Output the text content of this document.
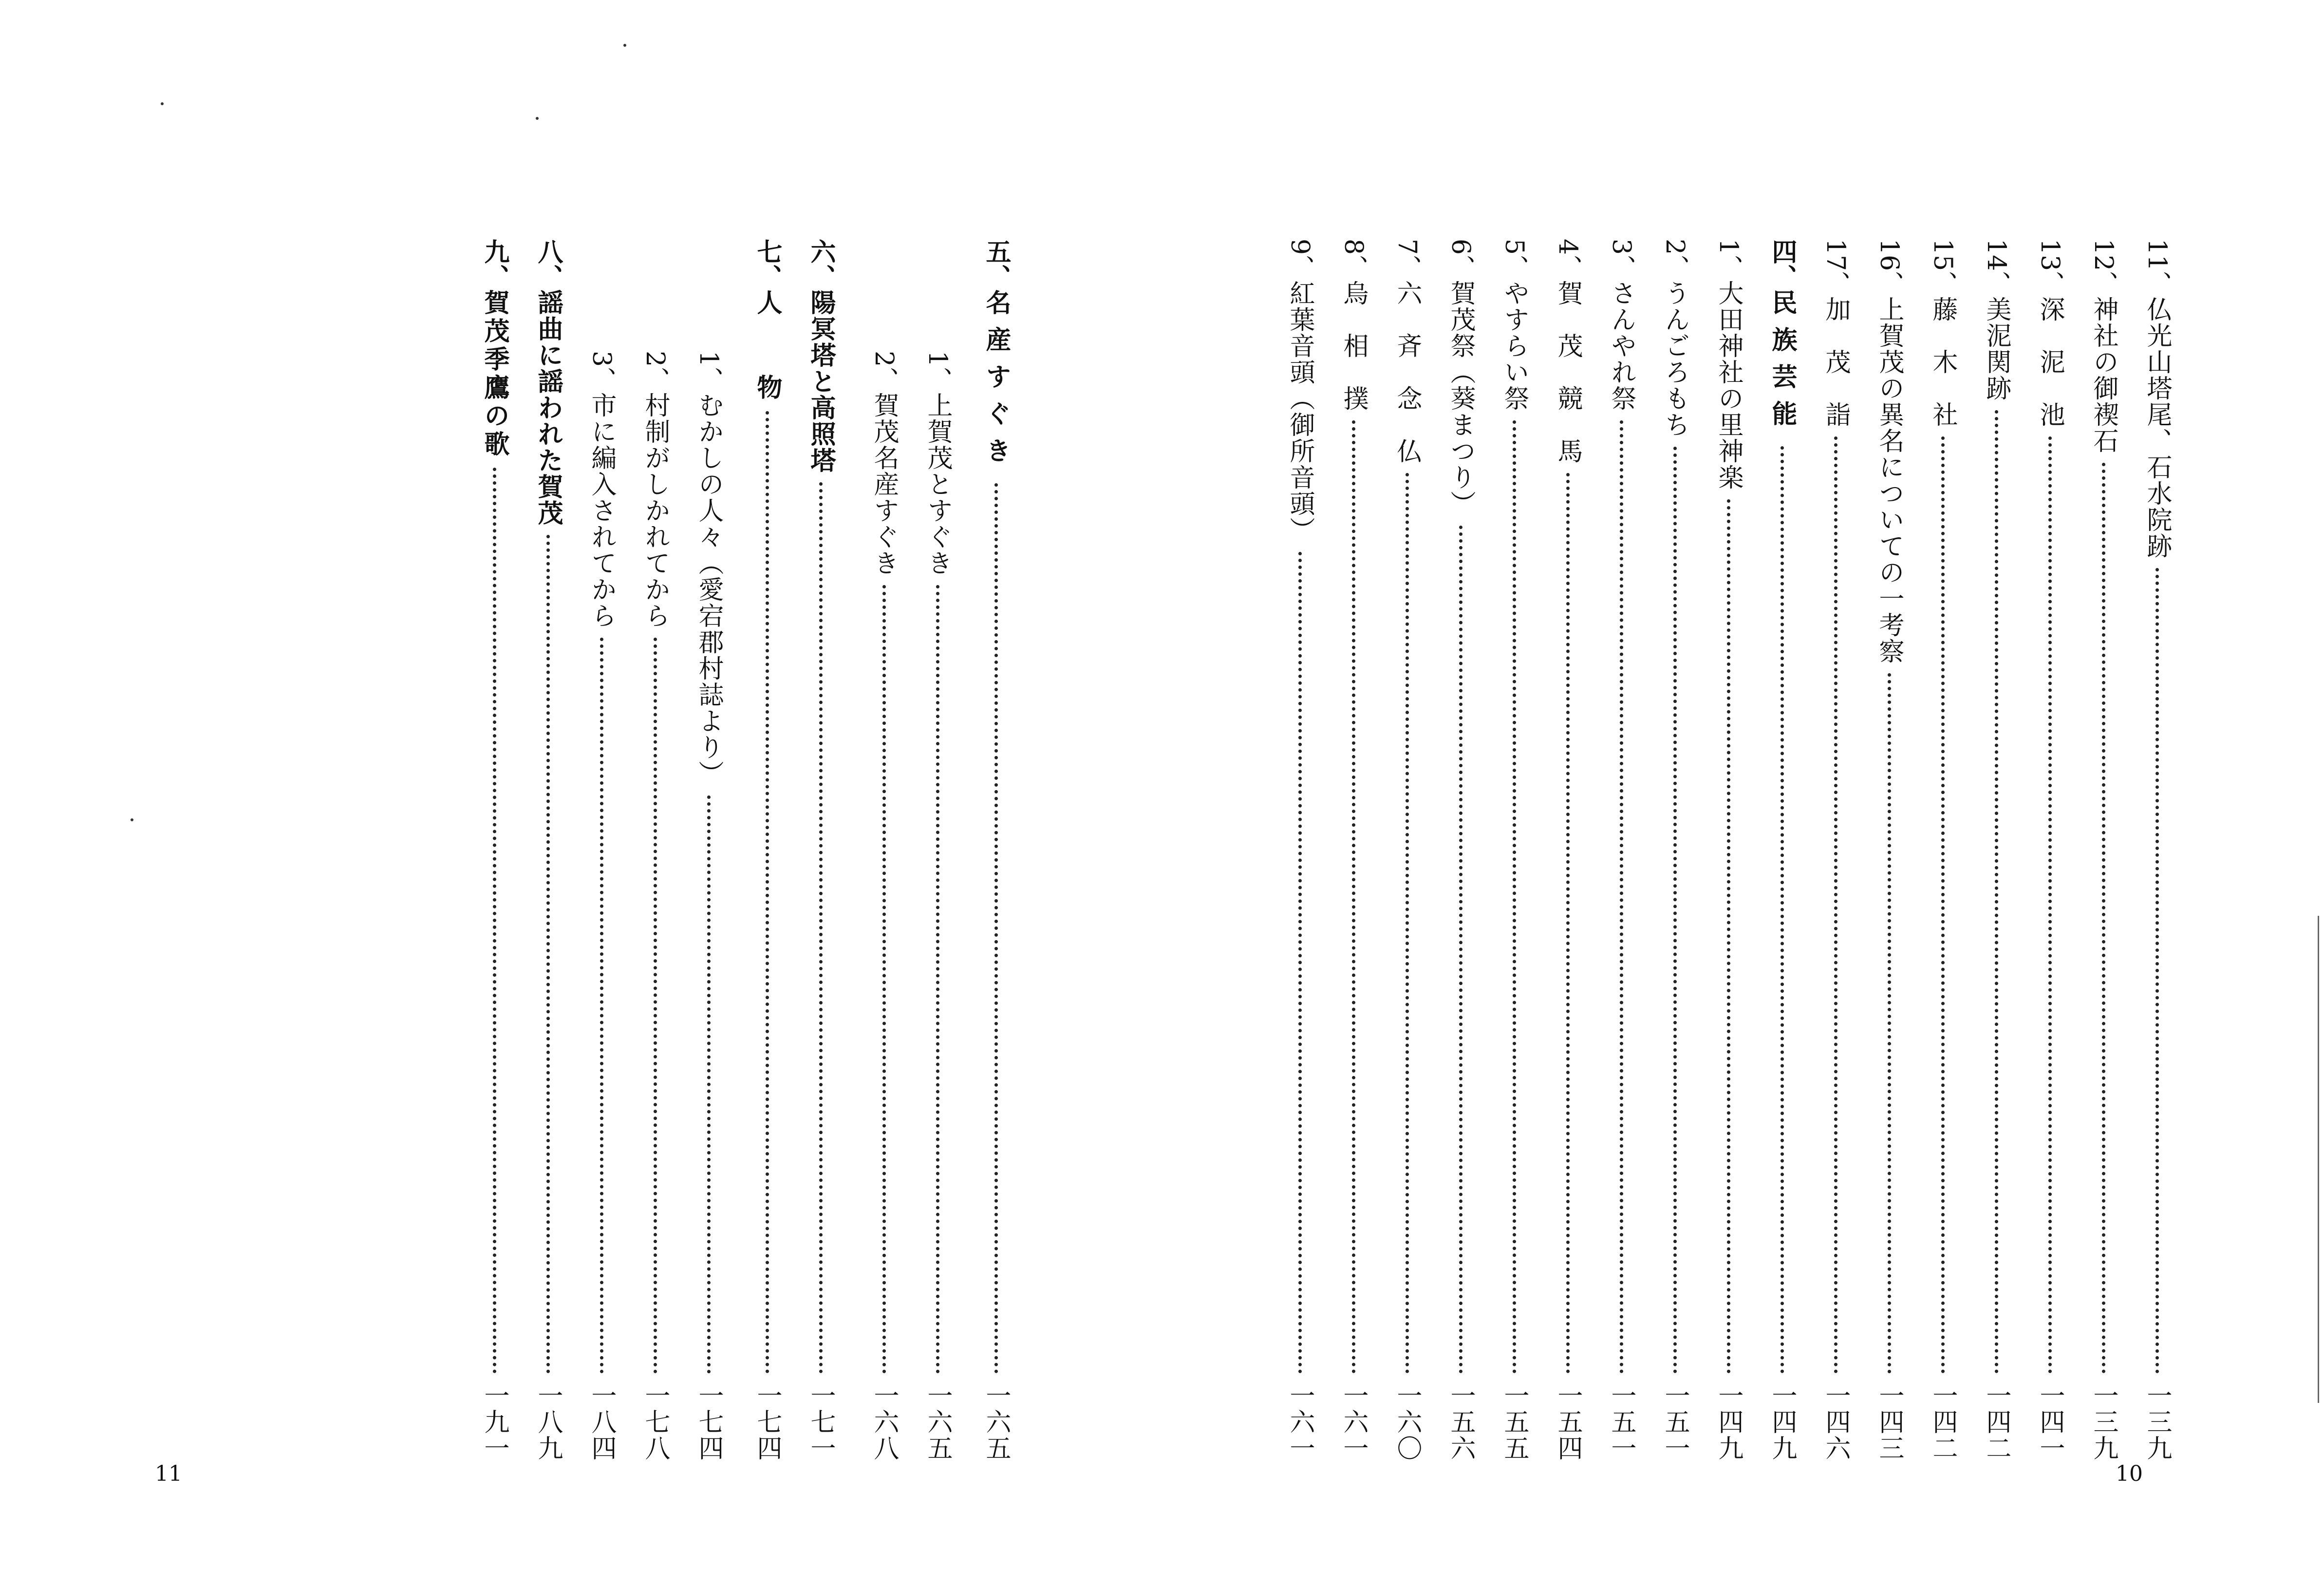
11、
仏光山塔尾、石水院跡
一三九
12、
神社の御禊石
一三九
13、
深　泥　池
一四一
14、
美泥関跡
一四二
15、
藤　木　社
一四二
16、
上賀茂の異名についての一考察
一四三
17、
加　茂　詣
一四六
四、
民族芸能
一四九
1、
大田神社の里神楽
一四九
2、
うんごろもち
一五一
3、
さんやれ祭
一五一
4、
賀　茂　競　馬
一五四
5、
やすらい祭
一五五
6、
賀茂祭（葵まつり）
一五六
7、
六　斉　念　仏
一六〇
8、
烏　相　撲
一六一
9、
紅葉音頭（御所音頭）
一六一
10
五、
名産すぐき
一六五
1、
上賀茂とすぐき
一六五
2、
賀茂名産すぐき
一六八
六、
陽冥塔と高照塔
一七一
七、
人　　物
一七四
1、
むかしの人々（愛宕郡村誌より）
一七四
2、
村制がしかれてから
一七八
3、
市に編入されてから
一八四
八、
謡曲に謡われた賀茂
一八九
九、
賀茂季鷹の歌
一九一
11
